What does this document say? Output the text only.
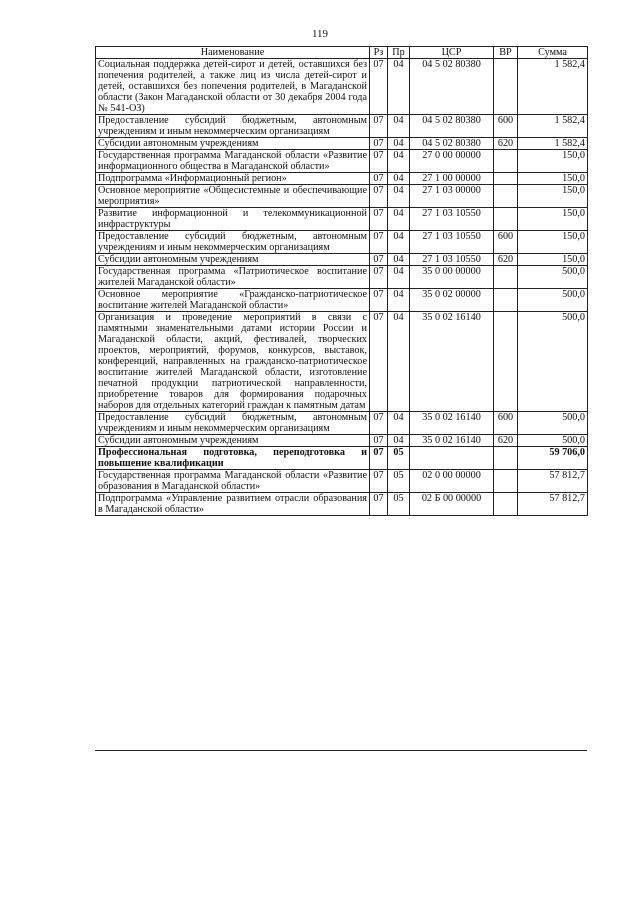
119
Наименование	Рз	Пр	ЦСР	ВР	Сумма
Социальная поддержка детей-сирот и детей, оставшихся без попечения родителей, а также лиц из числа детей-сирот и детей, оставшихся без попечения родителей, в Магаданской области (Закон Магаданской области от 30 декабря 2004 года № 541-ОЗ)	07	04	04 5 02 80380		1 582,4
Предоставление субсидий бюджетным, автономным учреждениям и иным некоммерческим организациям	07	04	04 5 02 80380	600	1 582,4
Субсидии автономным учреждениям	07	04	04 5 02 80380	620	1 582,4
Государственная программа Магаданской области «Развитие информационного общества в Магаданской области»	07	04	27 0 00 00000		150,0
Подпрограмма «Информационный регион»	07	04	27 1 00 00000		150,0
Основное мероприятие «Общесистемные и обеспечивающие мероприятия»	07	04	27 1 03 00000		150,0
Развитие информационной и телекоммуникационной инфраструктуры	07	04	27 1 03 10550		150,0
Предоставление субсидий бюджетным, автономным учреждениям и иным некоммерческим организациям	07	04	27 1 03 10550	600	150,0
Субсидии автономным учреждениям	07	04	27 1 03 10550	620	150,0
Государственная программа «Патриотическое воспитание жителей Магаданской области»	07	04	35 0 00 00000		500,0
Основное мероприятие «Гражданско-патриотическое воспитание жителей Магаданской области»	07	04	35 0 02 00000		500,0
Организация и проведение мероприятий в связи с памятными знаменательными датами истории России и Магаданской области, акций, фестивалей, творческих проектов, мероприятий, форумов, конкурсов, выставок, конференций, направленных на гражданско-патриотическое воспитание жителей Магаданской области, изготовление печатной продукции патриотической направленности, приобретение товаров для формирования подарочных наборов для отдельных категорий граждан к памятным датам	07	04	35 0 02 16140		500,0
Предоставление субсидий бюджетным, автономным учреждениям и иным некоммерческим организациям	07	04	35 0 02 16140	600	500,0
Субсидии автономным учреждениям	07	04	35 0 02 16140	620	500,0
Профессиональная подготовка, переподготовка и повышение квалификации	07	05			59 706,0
Государственная программа Магаданской области «Развитие образования в Магаданской области»	07	05	02 0 00 00000		57 812,7
Подпрограмма «Управление развитием отрасли образования в Магаданской области»	07	05	02 Б 00 00000		57 812,7
